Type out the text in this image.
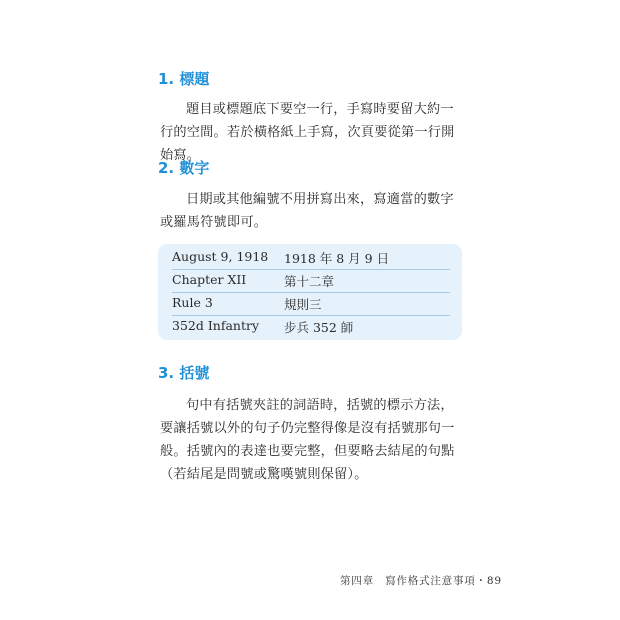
1. 標題
題目或標題底下要空一行，手寫時要留大約一行的空間。若於橫格紙上手寫，次頁要從第一行開始寫。
2. 數字
日期或其他編號不用拼寫出來，寫適當的數字或羅馬符號即可。
August 9, 1918 1918 年 8 月 9 日
Chapter XII	第十二章
Rule 3	規則三
352d Infantry 步兵 352 師
3. 括號
句中有括號夾註的詞語時，括號的標示方法，要讓括號以外的句子仍完整得像是沒有括號那句一般。括號內的表達也要完整，但要略去結尾的句點（若結尾是問號或驚嘆號則保留）。
第四章　寫作格式注意事項・89
